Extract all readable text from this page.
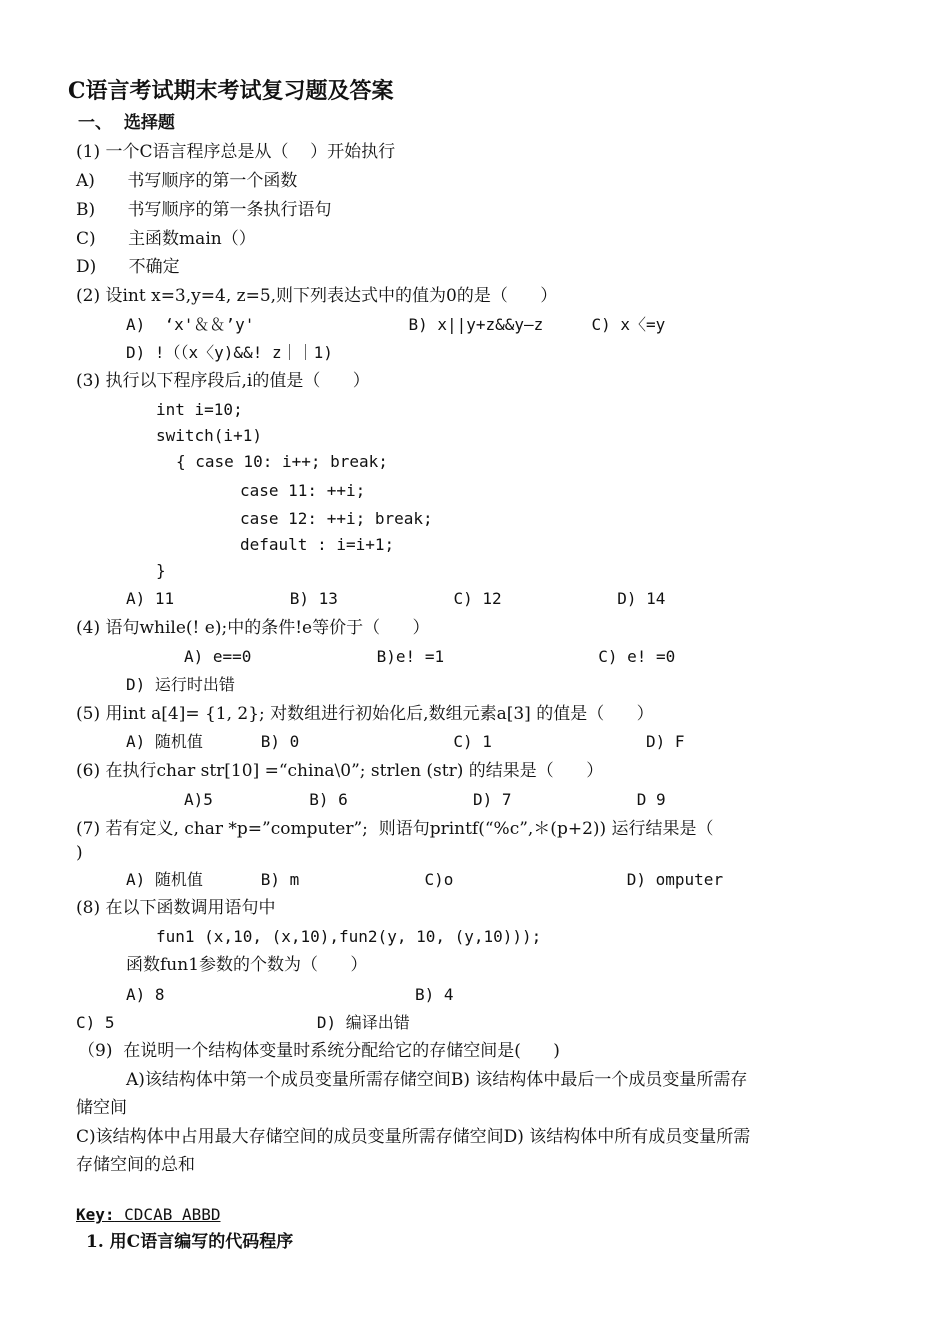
C语言考试期末考试复习题及答案
一、  选择题
(1) 一个C语言程序总是从（    ）开始执行
A)      书写顺序的第一个函数
B)      书写顺序的第一条执行语句
C)      主函数main（）
D)      不确定
(2) 设int x=3,y=4, z=5,则下列表达式中的值为0的是（      ）
A)  ‘x'＆＆’y'                B) x||y+z&&y—z     C) x〈=y
D) !（（x〈y)&&! z｜｜1)
(3) 执行以下程序段后,i的值是（      ）
int i=10;
switch(i+1)
{ case 10: i++; break;
case 11: ++i;
case 12: ++i; break;
default : i=i+1;
}
A) 11            B) 13            C) 12            D) 14
(4) 语句while(! e);中的条件!e等价于（      ）
A) e==0             B)e! =1                C) e! =0
D) 运行时出错
(5) 用int a[4]= {1, 2}; 对数组进行初始化后,数组元素a[3] 的值是（      ）
A) 随机值      B) 0                C) 1                D) F
(6) 在执行char str[10] =“china\0”; strlen (str) 的结果是（      ）
A)5          B) 6             D) 7             D 9
(7) 若有定义, char *p=”computer”;  则语句printf(“%c”,＊(p+2)) 运行结果是（
)
A) 随机值      B) m             C)o                  D) omputer
(8) 在以下函数调用语句中
fun1 (x,10, (x,10),fun2(y, 10, (y,10)));
函数fun1参数的个数为（      ）
A) 8                          B) 4
C) 5                     D) 编译出错
（9)  在说明一个结构体变量时系统分配给它的存储空间是(      )
A)该结构体中第一个成员变量所需存储空间B) 该结构体中最后一个成员变量所需存
储空间
C)该结构体中占用最大存储空间的成员变量所需存储空间D) 该结构体中所有成员变量所需
存储空间的总和
Key: CDCAB ABBD
1. 用C语言编写的代码程序
